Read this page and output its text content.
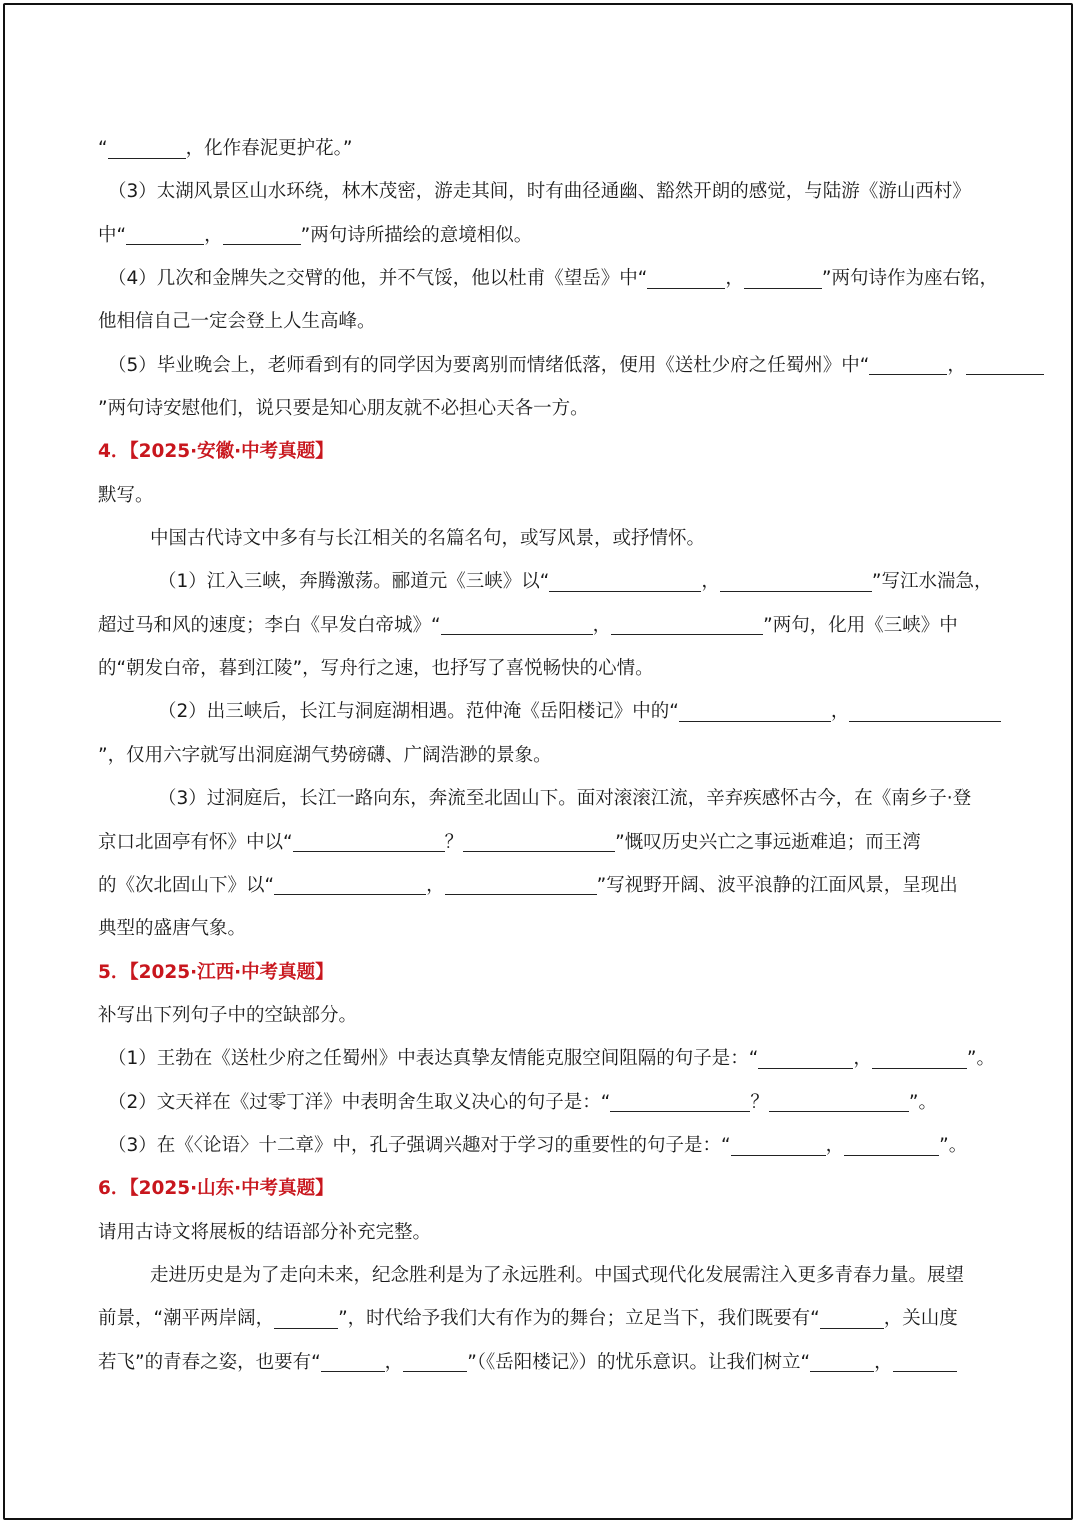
“	，化作春泥更护花。”
（3）太湖风景区山水环绕，林木茂密，游走其间，时有曲径通幽、豁然开朗的感觉，与陆游《游山西村》
中“	，	”两句诗所描绘的意境相似。
（4）几次和金牌失之交臂的他，并不气馁，他以杜甫《望岳》中“	，	”两句诗作为座右铭，
他相信自己一定会登上人生高峰。
（5）毕业晚会上，老师看到有的同学因为要离别而情绪低落，便用《送杜少府之任蜀州》中“	，
”两句诗安慰他们，说只要是知心朋友就不必担心天各一方。
4．【2025·安徽·中考真题】
默写。
中国古代诗文中多有与长江相关的名篇名句，或写风景，或抒情怀。
（1）江入三峡，奔腾激荡。郦道元《三峡》以“	，	”写江水湍急，
超过马和风的速度；李白《早发白帝城》“	，	”两句，化用《三峡》中
的“朝发白帝，暮到江陵”，写舟行之速，也抒写了喜悦畅快的心情。
（2）出三峡后，长江与洞庭湖相遇。范仲淹《岳阳楼记》中的“	，
”，仅用六字就写出洞庭湖气势磅礴、广阔浩渺的景象。
（3）过洞庭后，长江一路向东，奔流至北固山下。面对滚滚江流，辛弃疾感怀古今，在《南乡子·登
京口北固亭有怀》中以“	？	”慨叹历史兴亡之事远逝难追；而王湾
的《次北固山下》以“	，	”写视野开阔、波平浪静的江面风景，呈现出
典型的盛唐气象。
5．【2025·江西·中考真题】
补写出下列句子中的空缺部分。
（1）王勃在《送杜少府之任蜀州》中表达真挚友情能克服空间阻隔的句子是：“	，	”。
（2）文天祥在《过零丁洋》中表明舍生取义决心的句子是：“	？	”。
（3）在《〈论语〉十二章》中，孔子强调兴趣对于学习的重要性的句子是：“	，	”。
6．【2025·山东·中考真题】
请用古诗文将展板的结语部分补充完整。
走进历史是为了走向未来，纪念胜利是为了永远胜利。中国式现代化发展需注入更多青春力量。展望
前景，“潮平两岸阔，	”，时代给予我们大有作为的舞台；立足当下，我们既要有“	，关山度
若飞”的青春之姿，也要有“	，	”（《岳阳楼记》）的忧乐意识。让我们树立“	，
